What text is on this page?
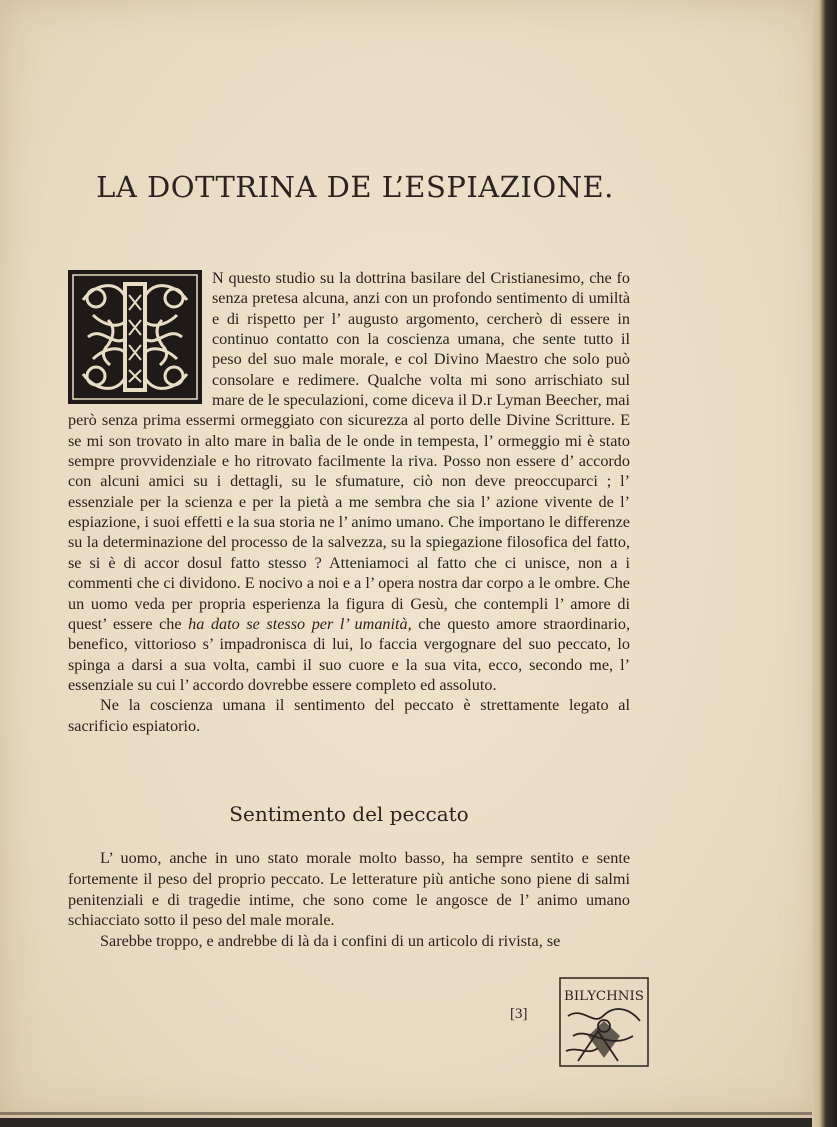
LA DOTTRINA DE L’ESPIAZIONE.

N questo studio su la dottrina basilare del Cristianesimo, che fo senza pretesa alcuna, anzi con un profondo sentimento di umiltà e di rispetto per l’ augusto argomento, cercherò di essere in continuo contatto con la coscienza umana, che sente tutto il peso del suo male morale, e col Divino Maestro che solo può consolare e redimere. Qualche volta mi sono arrischiato sul mare de le speculazioni, come diceva il D.r Lyman Beecher, mai però senza prima essermi ormeggiato con sicurezza al porto delle Divine Scritture. E se mi son trovato in alto mare in balìa de le onde in tempesta, l’ ormeggio mi è stato sempre provvidenziale e ho ritrovato facilmente la riva. Posso non essere d’ accordo con alcuni amici su i dettagli, su le sfumature, ciò non deve preoccuparci ; l’ essenziale per la scienza e per la pietà a me sembra che sia l’ azione vivente de l’ espiazione, i suoi effetti e la sua storia ne l’ animo umano. Che importano le differenze su la determinazione del processo de la salvezza, su la spiegazione filosofica del fatto, se si è di accor dosul fatto stesso ? Atteniamoci al fatto che ci unisce, non a i commenti che ci dividono. E nocivo a noi e a l’ opera nostra dar corpo a le ombre. Che un uomo veda per propria esperienza la figura di Gesù, che contempli l’ amore di quest’ essere che ha dato se stesso per l’ umanità, che questo amore straordinario, benefico, vittorioso s’ impadronisca di lui, lo faccia vergognare del suo peccato, lo spinga a darsi a sua volta, cambi il suo cuore e la sua vita, ecco, secondo me, l’ essenziale su cui l’ accordo dovrebbe essere completo ed assoluto.

Ne la coscienza umana il sentimento del peccato è strettamente legato al sacrificio espiatorio.

Sentimento del peccato

L’ uomo, anche in uno stato morale molto basso, ha sempre sentito e sente fortemente il peso del proprio peccato. Le letterature più antiche sono piene di salmi penitenziali e di tragedie intime, che sono come le angosce de l’ animo umano schiacciato sotto il peso del male morale.

Sarebbe troppo, e andrebbe di là da i confini di un articolo di rivista, se

[3]
BILYCHNIS
